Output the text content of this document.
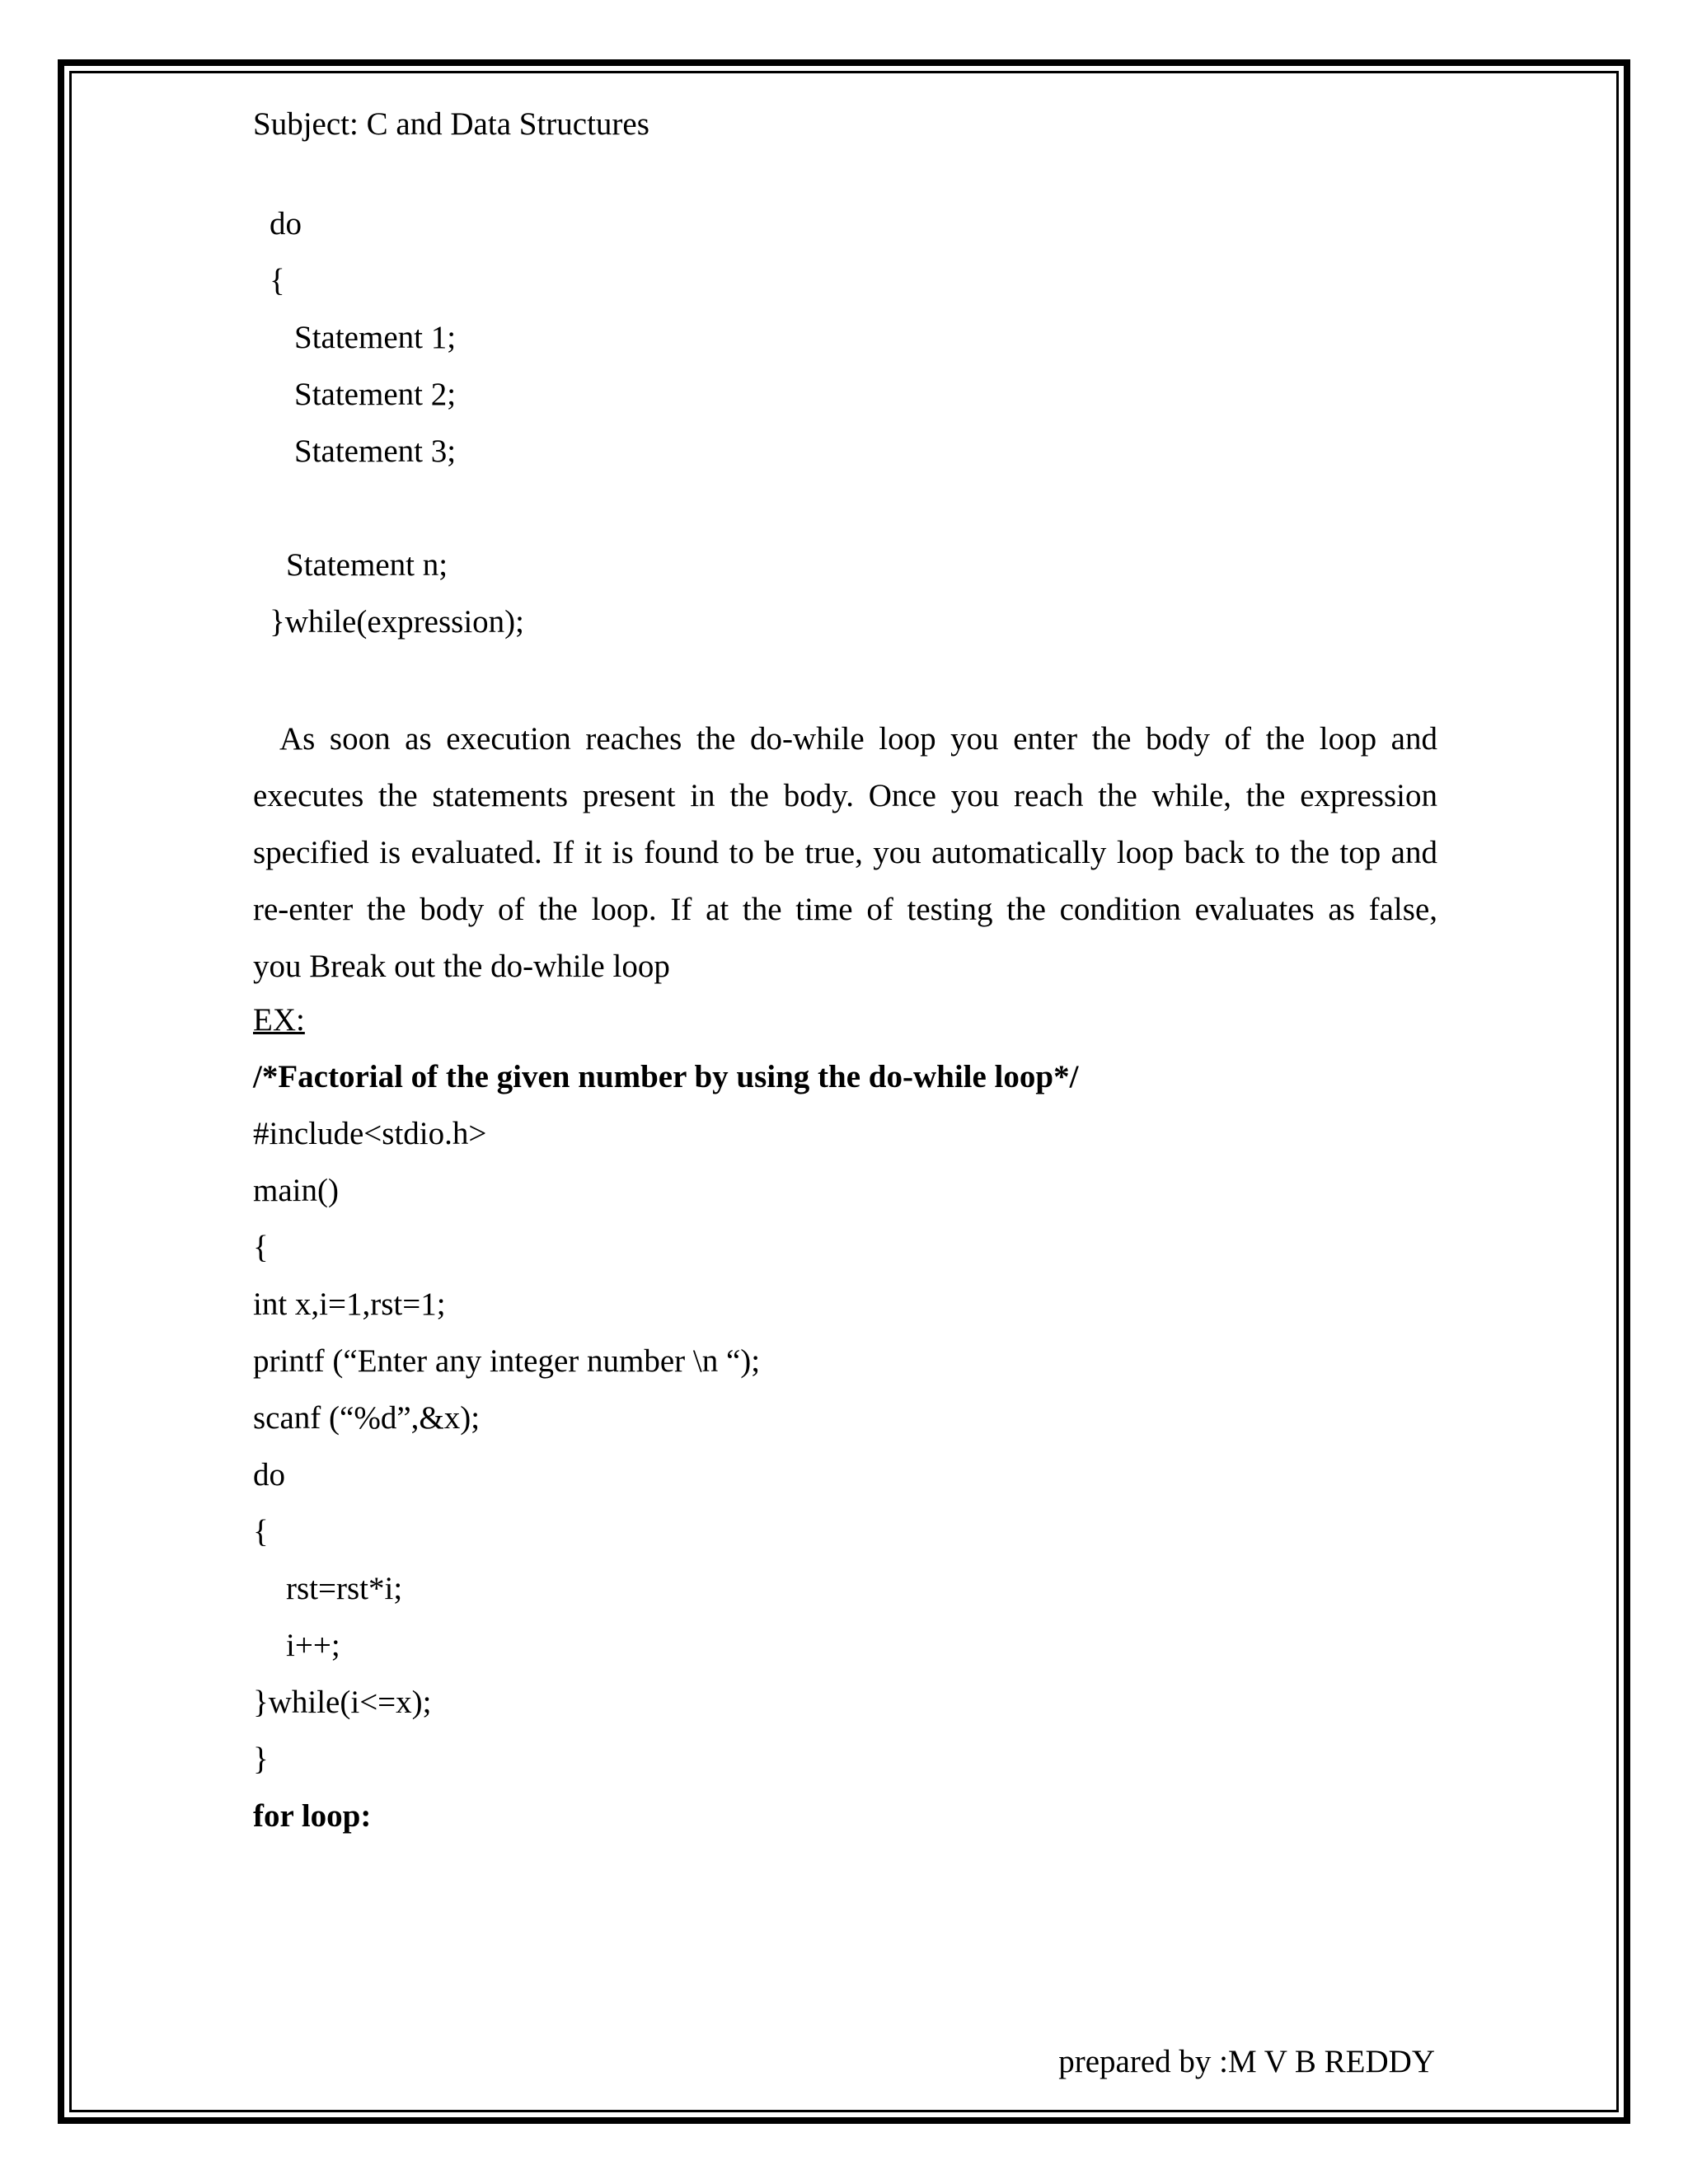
Subject: C and Data Structures
do
{
Statement 1;
Statement 2;
Statement 3;
Statement n;
}while(expression);
As soon as execution reaches the do-while loop you enter the body of the loop and
executes the statements present in the body. Once you reach the while, the expression
specified is evaluated. If it is found to be true, you automatically loop back to the top and
re-enter the body of the loop. If at the time of testing the condition evaluates as false,
you Break out the do-while loop
EX:
/*Factorial of the given number by using the do-while loop*/
#include<stdio.h>
main()
{
int x,i=1,rst=1;
printf (“Enter any integer number \n “);
scanf (“%d”,&x);
do
{
rst=rst*i;
i++;
}while(i<=x);
}
for loop:
prepared by :M V B REDDY
